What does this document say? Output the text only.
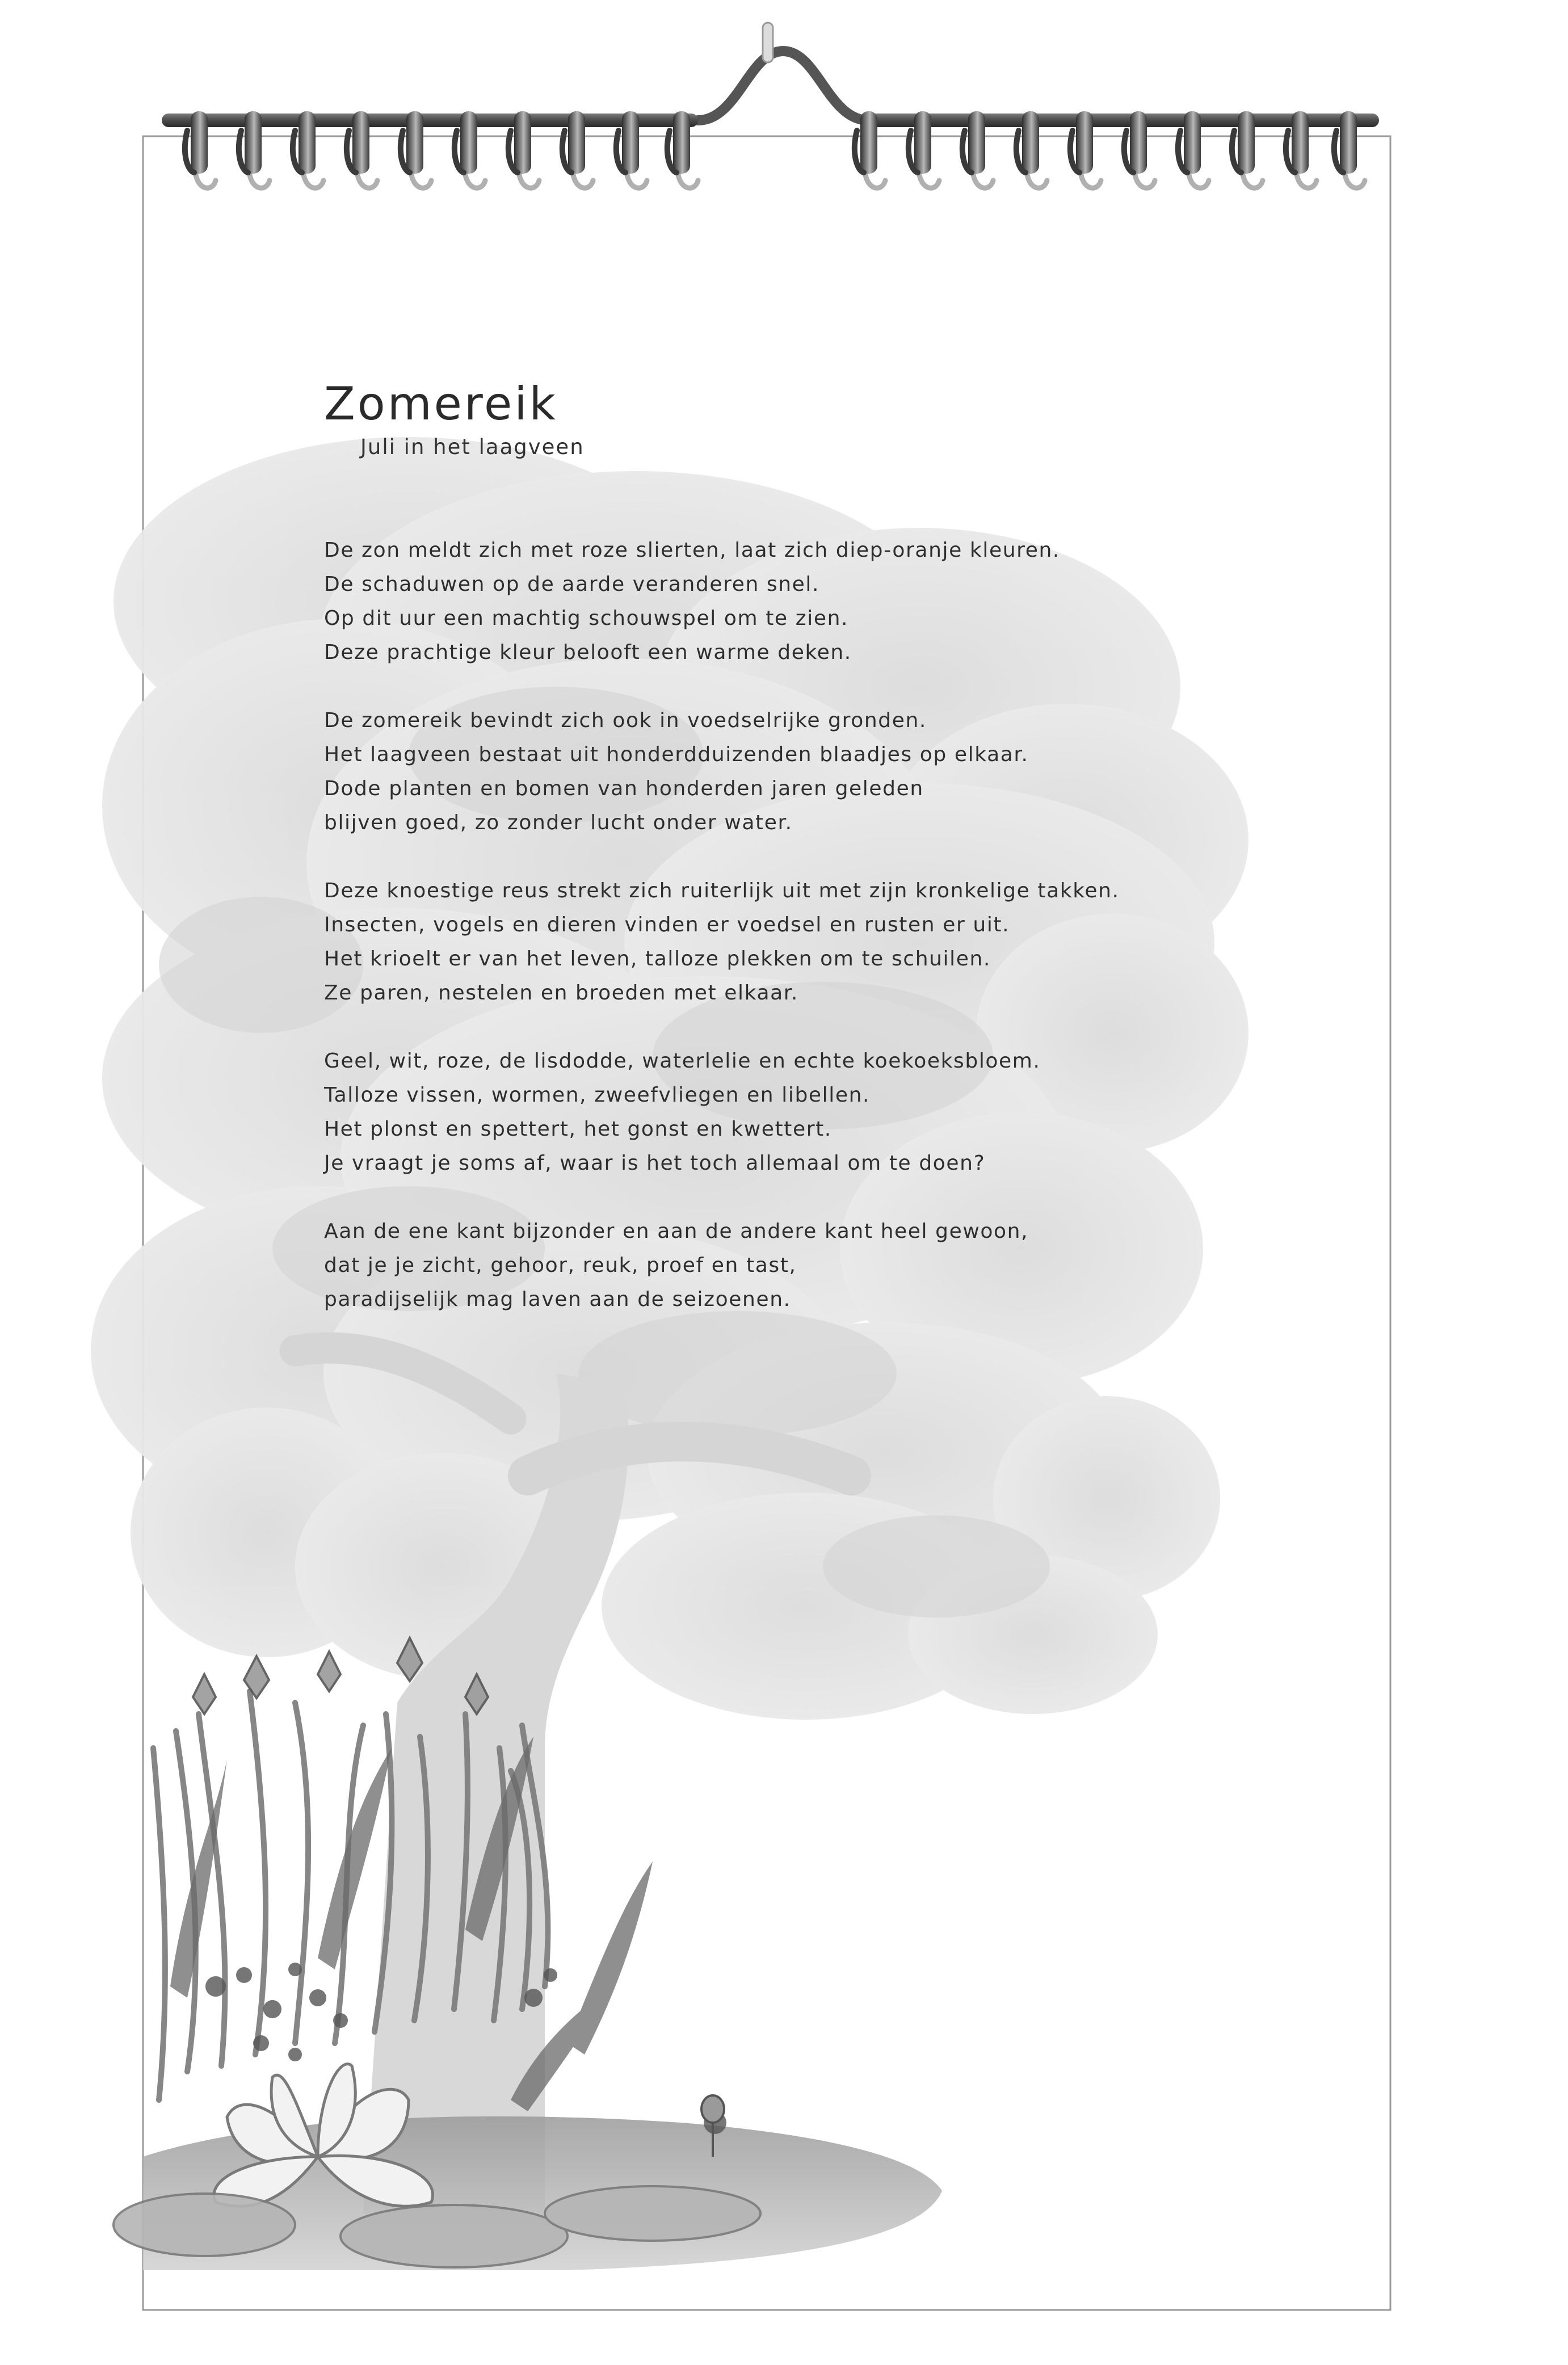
Zomereik

Juli in het laagveen

De zon meldt zich met roze slierten, laat zich diep-oranje kleuren.
De schaduwen op de aarde veranderen snel.
Op dit uur een machtig schouwspel om te zien.
Deze prachtige kleur belooft een warme deken.
De zomereik bevindt zich ook in voedselrijke gronden.
Het laagveen bestaat uit honderdduizenden blaadjes op elkaar.
Dode planten en bomen van honderden jaren geleden
blijven goed, zo zonder lucht onder water.
Deze knoestige reus strekt zich ruiterlijk uit met zijn kronkelige takken.
Insecten, vogels en dieren vinden er voedsel en rusten er uit.
Het krioelt er van het leven, talloze plekken om te schuilen.
Ze paren, nestelen en broeden met elkaar.
Geel, wit, roze, de lisdodde, waterlelie en echte koekoeksbloem.
Talloze vissen, wormen, zweefvliegen en libellen.
Het plonst en spettert, het gonst en kwettert.
Je vraagt je soms af, waar is het toch allemaal om te doen?
Aan de ene kant bijzonder en aan de andere kant heel gewoon,
dat je je zicht, gehoor, reuk, proef en tast,
paradijselijk mag laven aan de seizoenen.
